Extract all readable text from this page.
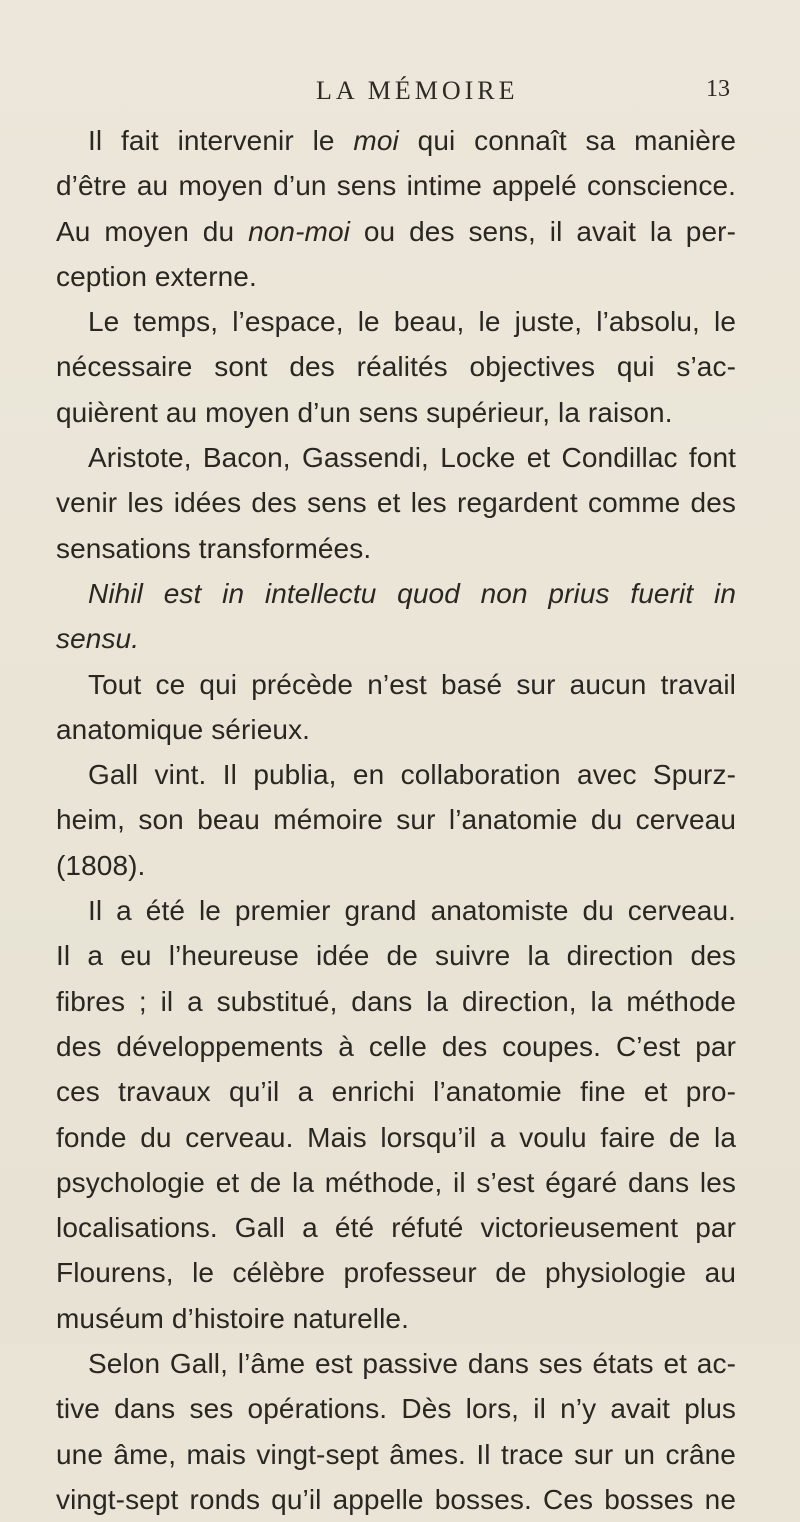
LA MÉMOIRE	13
Il fait intervenir le moi qui connaît sa manière
d’être au moyen d’un sens intime appelé conscience.
Au moyen du non-moi ou des sens, il avait la per-
ception externe.
Le temps, l’espace, le beau, le juste, l’absolu, le
nécessaire sont des réalités objectives qui s’ac-
quièrent au moyen d’un sens supérieur, la raison.
Aristote, Bacon, Gassendi, Locke et Condillac font
venir les idées des sens et les regardent comme des
sensations transformées.
Nihil est in intellectu quod non prius fuerit in
sensu.
Tout ce qui précède n’est basé sur aucun travail
anatomique sérieux.
Gall vint. Il publia, en collaboration avec Spurz-
heim, son beau mémoire sur l’anatomie du cerveau
(1808).
Il a été le premier grand anatomiste du cerveau.
Il a eu l’heureuse idée de suivre la direction des
fibres ; il a substitué, dans la direction, la méthode
des développements à celle des coupes. C’est par
ces travaux qu’il a enrichi l’anatomie fine et pro-
fonde du cerveau. Mais lorsqu’il a voulu faire de la
psychologie et de la méthode, il s’est égaré dans les
localisations. Gall a été réfuté victorieusement par
Flourens, le célèbre professeur de physiologie au
muséum d’histoire naturelle.
Selon Gall, l’âme est passive dans ses états et ac-
tive dans ses opérations. Dès lors, il n’y avait plus
une âme, mais vingt-sept âmes. Il trace sur un crâne
vingt-sept ronds qu’il appelle bosses. Ces bosses ne
